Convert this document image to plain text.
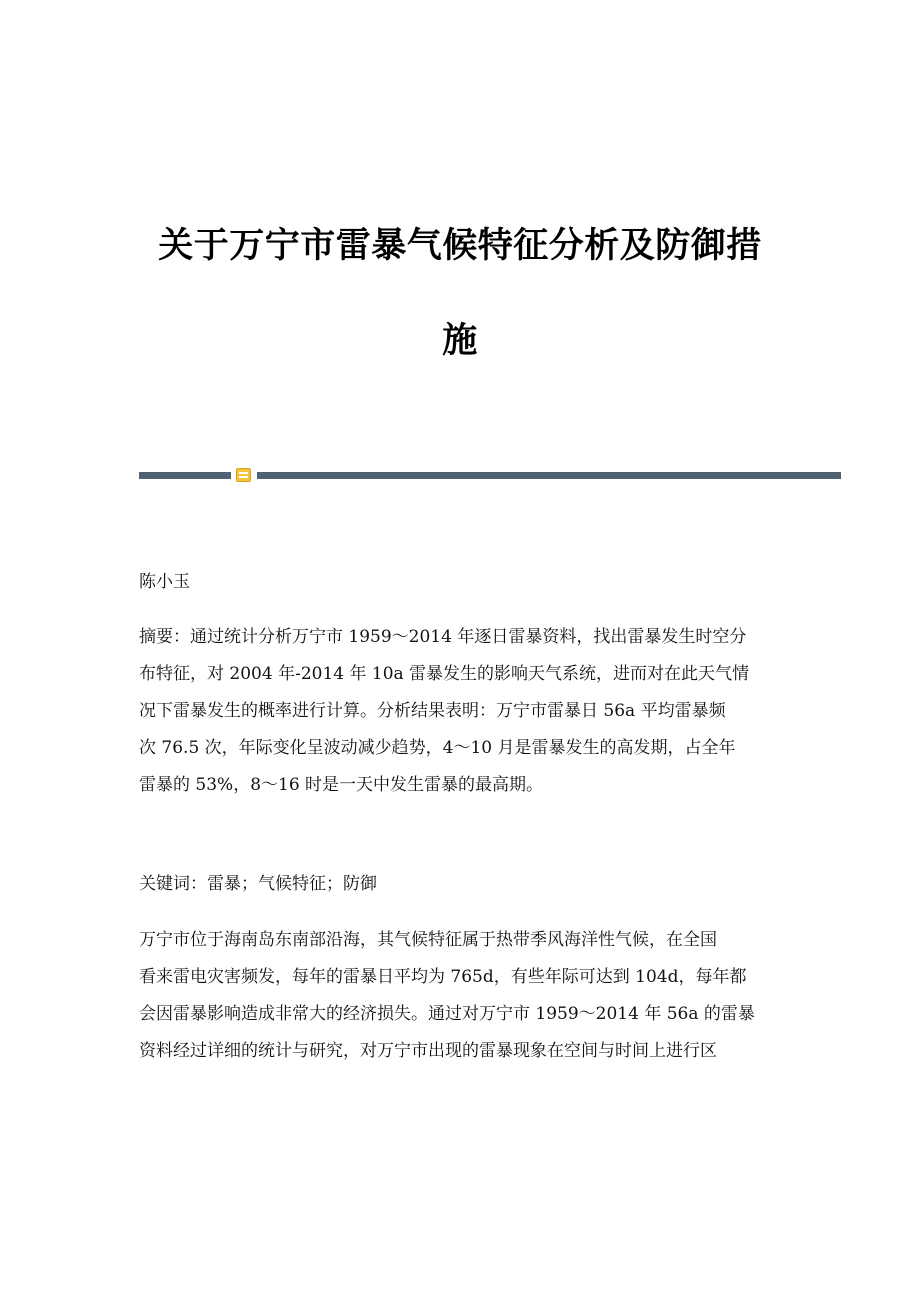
关于万宁市雷暴气候特征分析及防御措
施
陈小玉
摘要：通过统计分析万宁市 1959～2014 年逐日雷暴资料，找出雷暴发生时空分
布特征，对 2004 年-2014 年 10a 雷暴发生的影响天气系统，进而对在此天气情
况下雷暴发生的概率进行计算。分析结果表明：万宁市雷暴日 56a 平均雷暴频
次 76.5 次，年际变化呈波动减少趋势，4～10 月是雷暴发生的高发期，占全年
雷暴的 53%，8～16 时是一天中发生雷暴的最高期。
关键词：雷暴；气候特征；防御
万宁市位于海南岛东南部沿海，其气候特征属于热带季风海洋性气候，在全国
看来雷电灾害频发，每年的雷暴日平均为 765d，有些年际可达到 104d，每年都
会因雷暴影响造成非常大的经济损失。通过对万宁市 1959～2014 年 56a 的雷暴
资料经过详细的统计与研究，对万宁市出现的雷暴现象在空间与时间上进行区
